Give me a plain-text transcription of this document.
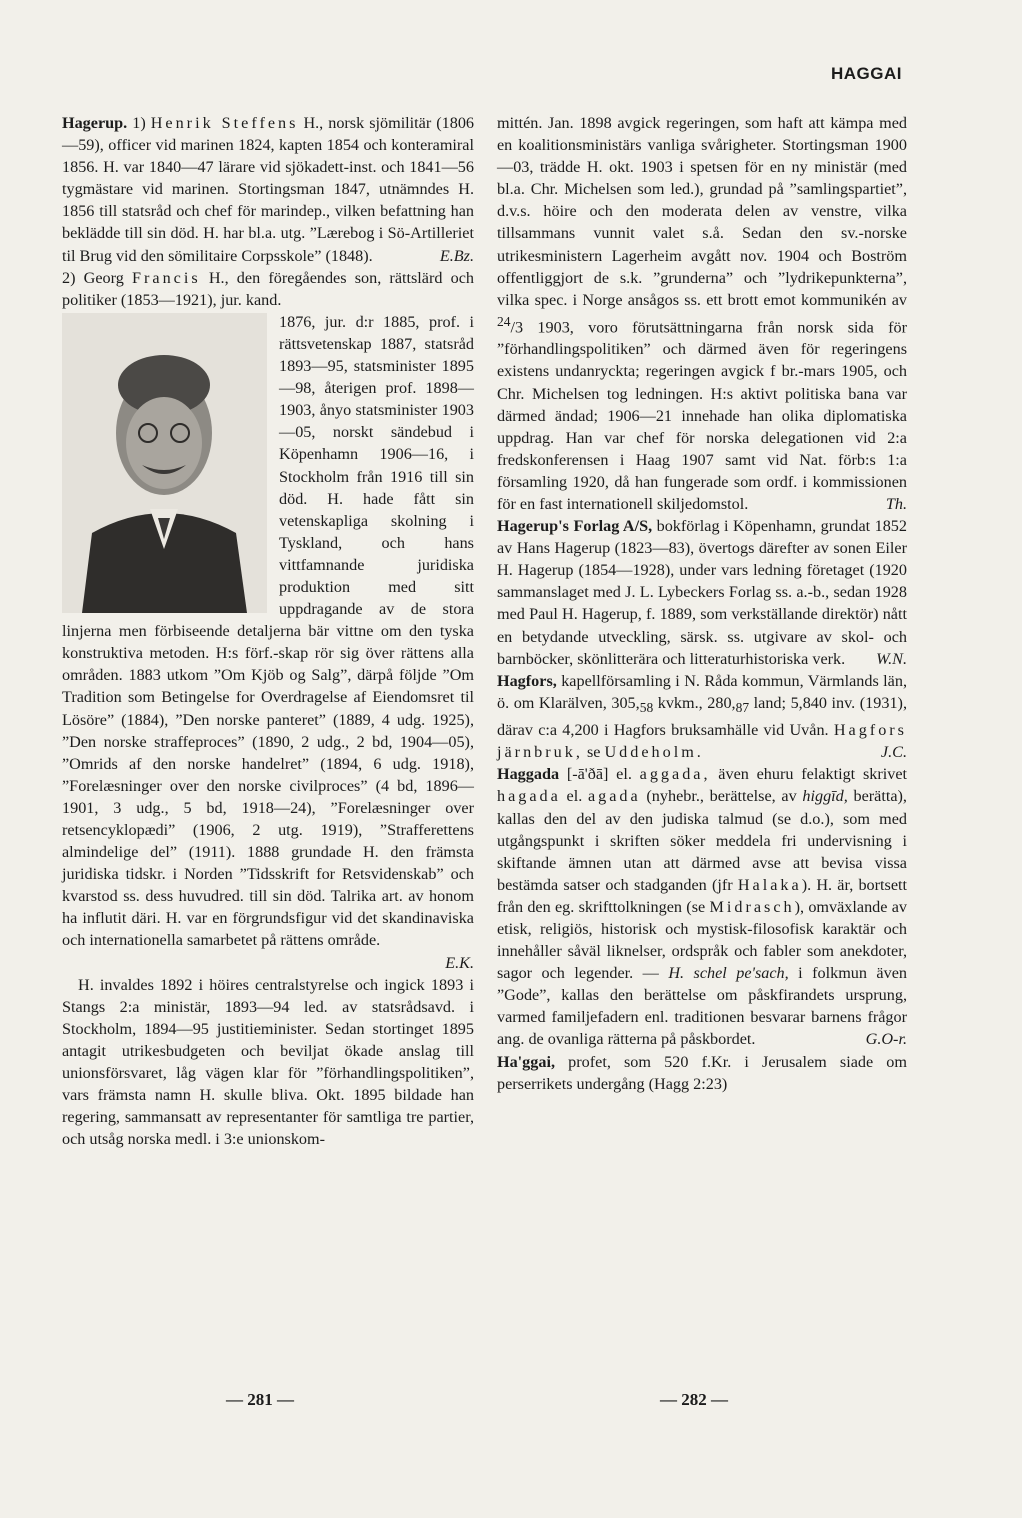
HAGGAI

Hagerup. 1) Henrik Steffens H., norsk sjömilitär (1806—59), officer vid marinen 1824, kapten 1854 och konteramiral 1856. H. var 1840—47 lärare vid sjökadett-inst. och 1841—56 tygmästare vid marinen. Stortingsman 1847, utnämndes H. 1856 till statsråd och chef för marindep., vilken befattning han beklädde till sin död. H. har bl.a. utg. ”Lærebog i Sö-Artilleriet til Brug vid den sömilitaire Corpsskole” (1848).	E.Bz.

2) Georg Francis H., den föregåendes son, rättslärd och politiker (1853—1921), jur. kand.

1876, jur. d:r 1885, prof. i rättsvetenskap 1887, statsråd 1893—95, statsminister 1895—98, återigen prof. 1898—1903, ånyo statsminister 1903—05, norskt sändebud i Köpenhamn 1906—16, i Stockholm från 1916 till sin död. H. hade fått sin vetenskapliga skolning i Tyskland, och hans vittfamnande juridiska produktion med sitt uppdragande av de stora linjerna men förbiseende detaljerna bär vittne om den tyska konstruktiva metoden. H:s förf.-skap rör sig över rättens alla områden. 1883 utkom ”Om Kjöb og Salg”, därpå följde ”Om Tradition som Betingelse for Overdragelse af Eiendomsret til Lösöre” (1884), ”Den norske panteret” (1889, 4 udg. 1925), ”Den norske straffeproces” (1890, 2 udg., 2 bd, 1904—05), ”Omrids af den norske handelret” (1894, 6 udg. 1918), ”Forelæsninger over den norske civilproces” (4 bd, 1896—1901, 3 udg., 5 bd, 1918—24), ”Forelæsninger over retsencyklopædi” (1906, 2 utg. 1919), ”Strafferettens almindelige del” (1911). 1888 grundade H. den främsta juridiska tidskr. i Norden ”Tidsskrift for Retsvidenskab” och kvarstod ss. dess huvudred. till sin död. Talrika art. av honom ha influtit däri. H. var en förgrundsfigur vid det skandinaviska och internationella samarbetet på rättens område.

E.K.

H. invaldes 1892 i höires centralstyrelse och ingick 1893 i Stangs 2:a ministär, 1893—94 led. av statsrådsavd. i Stockholm, 1894—95 justitieminister. Sedan stortinget 1895 antagit utrikesbudgeten och beviljat ökade anslag till unionsförsvaret, låg vägen klar för ”förhandlingspolitiken”, vars främsta namn H. skulle bliva. Okt. 1895 bildade han regering, sammansatt av representanter för samtliga tre partier, och utsåg norska medl. i 3:e unionskom-

mittén. Jan. 1898 avgick regeringen, som haft att kämpa med en koalitionsministärs vanliga svårigheter. Stortingsman 1900—03, trädde H. okt. 1903 i spetsen för en ny ministär (med bl.a. Chr. Michelsen som led.), grundad på ”samlingspartiet”, d.v.s. höire och den moderata delen av venstre, vilka tillsammans vunnit valet s.å. Sedan den sv.-norske utrikesministern Lagerheim avgått nov. 1904 och Boström offentliggjort de s.k. ”grunderna” och ”lydrikepunkterna”, vilka spec. i Norge ansågos ss. ett brott emot kommunikén av $^{24}$/3 1903, voro förutsättningarna från norsk sida för ”förhandlingspolitiken” och därmed även för regeringens existens undanryckta; regeringen avgick f br.-mars 1905, och Chr. Michelsen tog ledningen. H:s aktivt politiska bana var därmed ändad; 1906—21 innehade han olika diplomatiska uppdrag. Han var chef för norska delegationen vid 2:a fredskonferensen i Haag 1907 samt vid Nat. förb:s 1:a församling 1920, då han fungerade som ordf. i kommissionen för en fast internationell skiljedomstol.	Th.

Hagerup's Forlag A/S, bokförlag i Köpenhamn, grundat 1852 av Hans Hagerup (1823—83), övertogs därefter av sonen Eiler H. Hagerup (1854—1928), under vars ledning företaget (1920 sammanslaget med J. L. Lybeckers Forlag ss. a.-b., sedan 1928 med Paul H. Hagerup, f. 1889, som verkställande direktör) nått en betydande utveckling, särsk. ss. utgivare av skol- och barnböcker, skönlitterära och litteraturhistoriska verk.	W.N.

Hagfors, kapellförsamling i N. Råda kommun, Värmlands län, ö. om Klarälven, $305,_{58}$ kvkm., $280,_{87}$ land; 5,840 inv. (1931), därav c:a 4,200 i Hagfors bruksamhälle vid Uvån. Hagfors järnbruk, se Uddeholm.	J.C.

Haggada [-ā'ðā] el. aggada, även ehuru felaktigt skrivet hagada el. agada (nyhebr., berättelse, av higgīd, berätta), kallas den del av den judiska talmud (se d.o.), som med utgångspunkt i skriften söker meddela fri undervisning i skiftande ämnen utan att därmed avse att bevisa vissa bestämda satser och stadganden (jfr Halaka). H. är, bortsett från den eg. skrifttolkningen (se Midrasch), omväxlande av etisk, religiös, historisk och mystisk-filosofisk karaktär och innehåller såväl liknelser, ordspråk och fabler som anekdoter, sagor och legender. — H. schel pe'sach, i folkmun även ”Gode”, kallas den berättelse om påskfirandets ursprung, varmed familjefadern enl. traditionen besvarar barnens frågor ang. de ovanliga rätterna på påskbordet.	G.O-r.

Ha'ggai, profet, som 520 f.Kr. i Jerusalem siade om perserrikets undergång (Hagg 2:23)

— 281 —	— 282 —
